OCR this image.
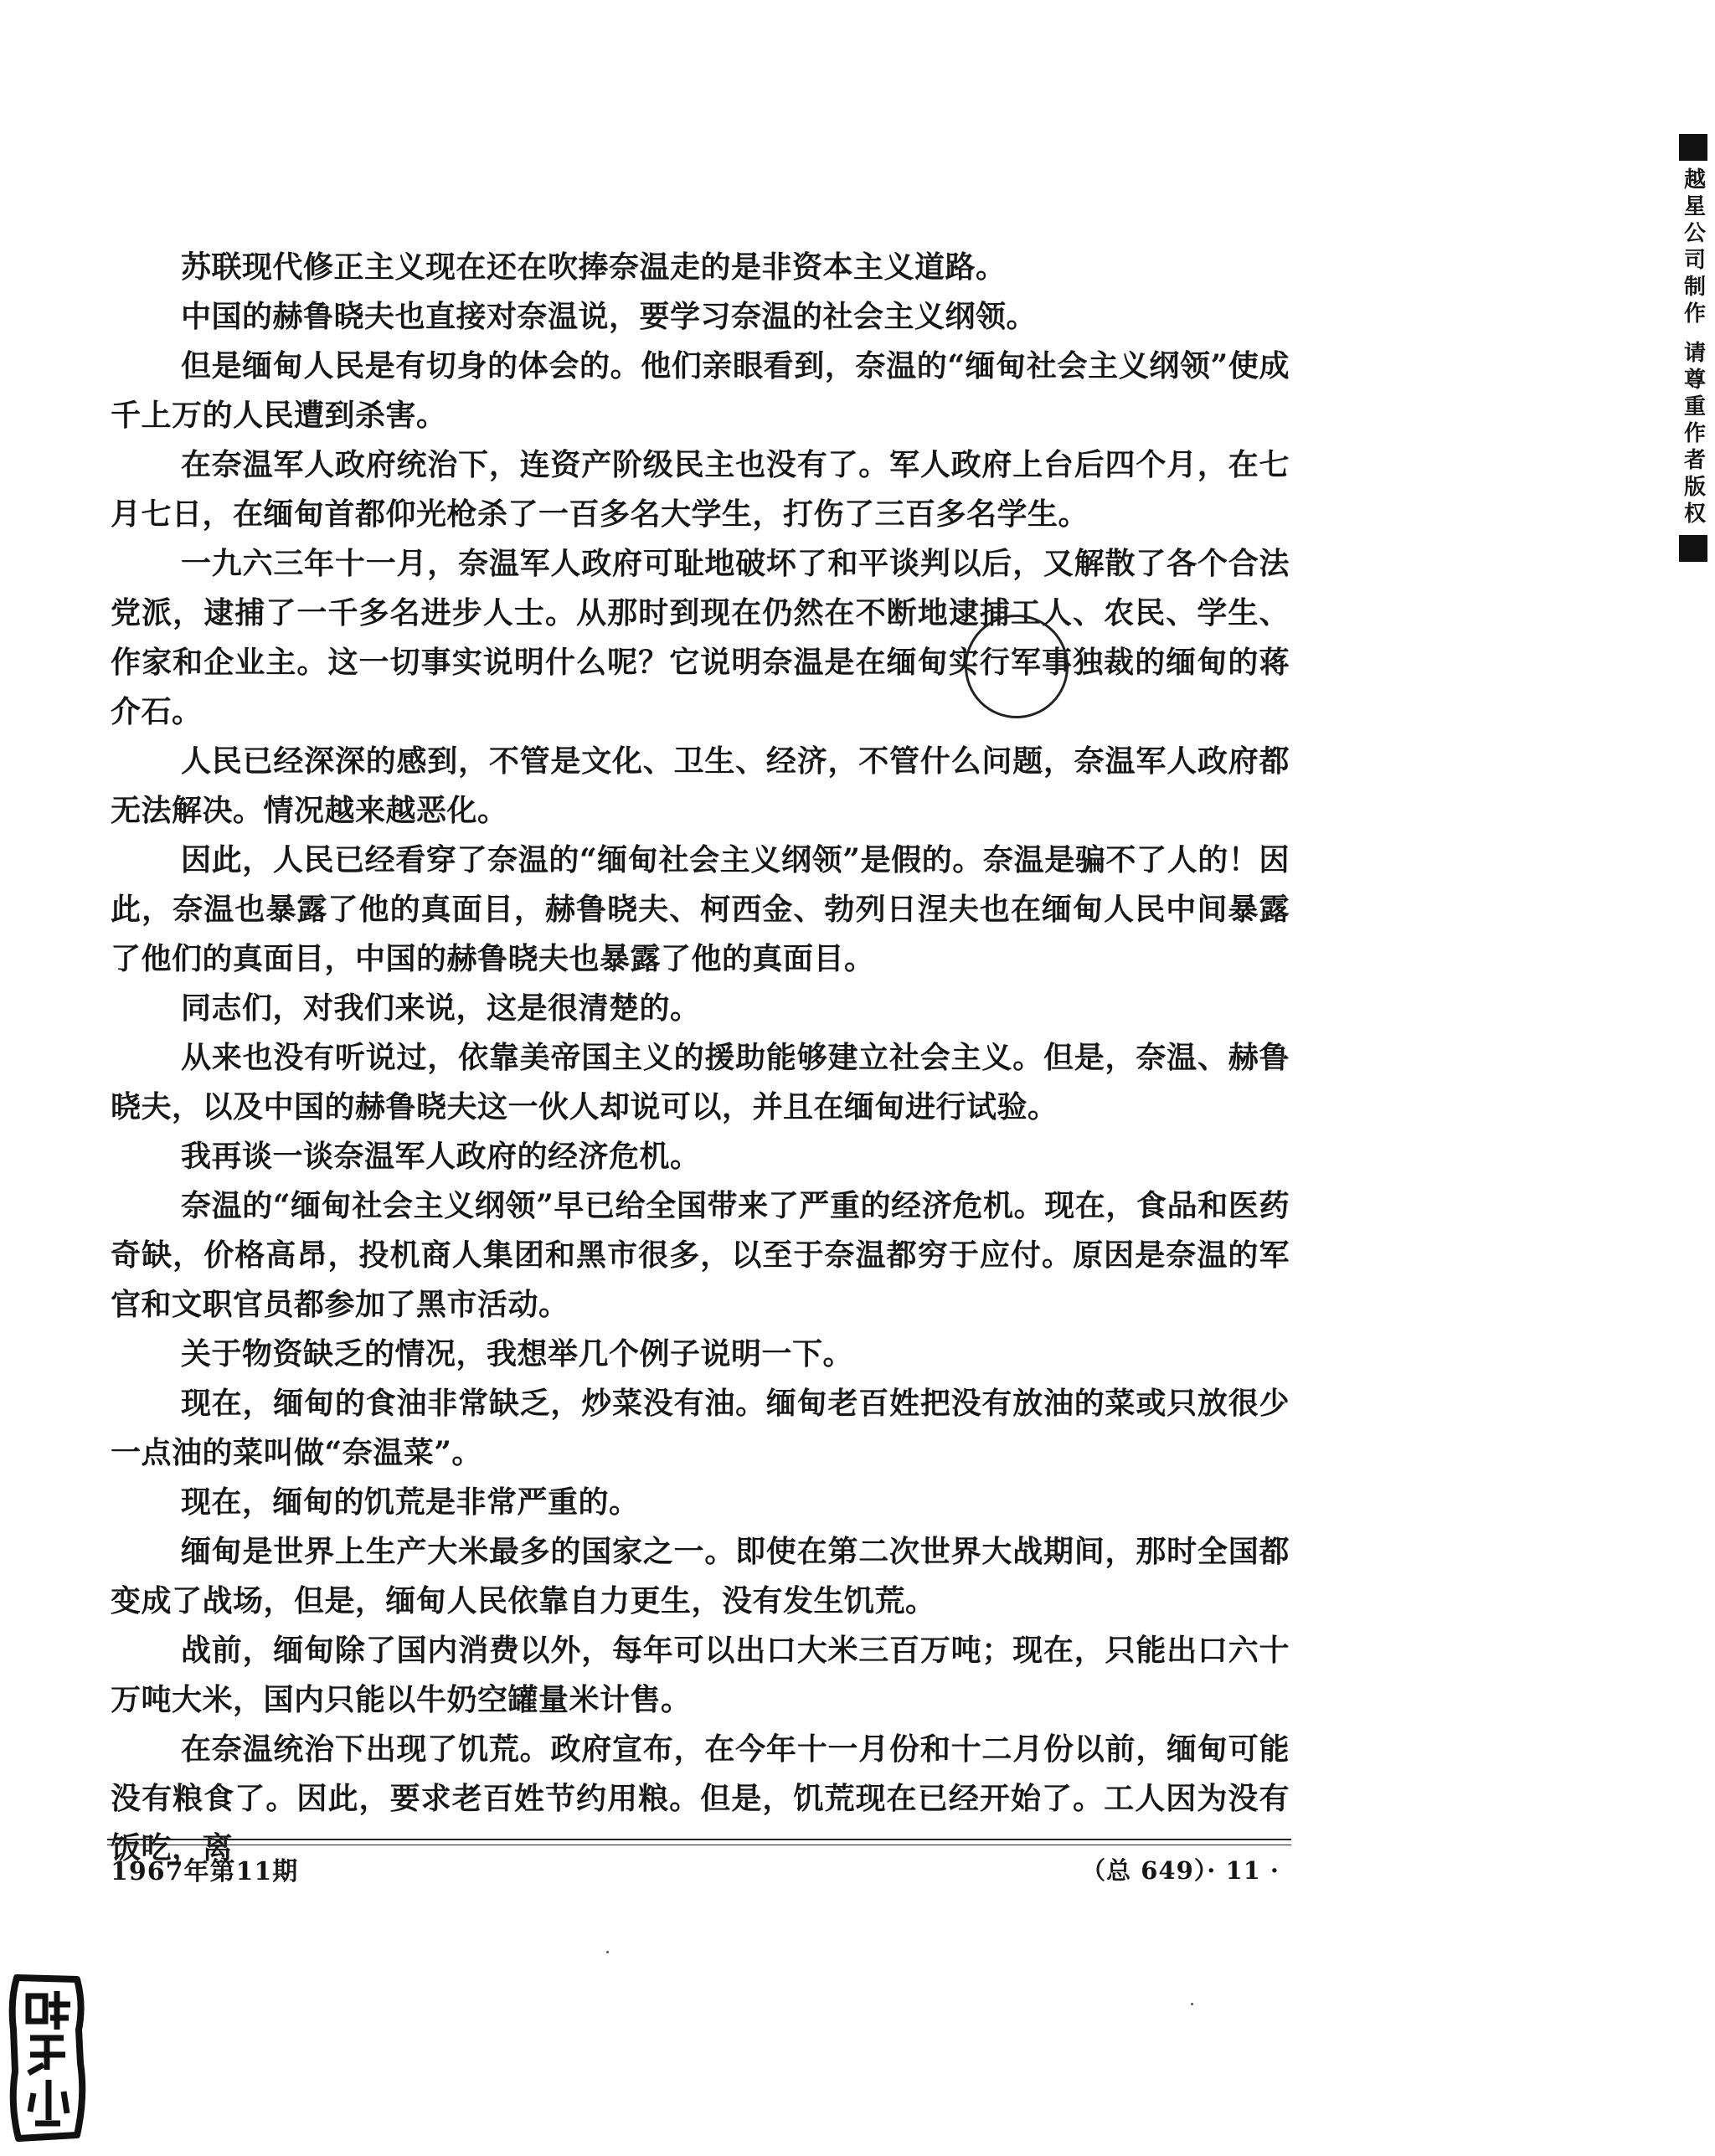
越星公司制作 请尊重作者版权

苏联现代修正主义现在还在吹捧奈温走的是非资本主义道路。

中国的赫鲁晓夫也直接对奈温说，要学习奈温的社会主义纲领。

但是缅甸人民是有切身的体会的。他们亲眼看到，奈温的“缅甸社会主义纲领”使成千上万的人民遭到杀害。

在奈温军人政府统治下，连资产阶级民主也没有了。军人政府上台后四个月，在七月七日，在缅甸首都仰光枪杀了一百多名大学生，打伤了三百多名学生。

一九六三年十一月，奈温军人政府可耻地破坏了和平谈判以后，又解散了各个合法党派，逮捕了一千多名进步人士。从那时到现在仍然在不断地逮捕工人、农民、学生、作家和企业主。这一切事实说明什么呢？它说明奈温是在缅甸实行军事独裁的缅甸的蒋介石。

人民已经深深的感到，不管是文化、卫生、经济，不管什么问题，奈温军人政府都无法解决。情况越来越恶化。

因此，人民已经看穿了奈温的“缅甸社会主义纲领”是假的。奈温是骗不了人的！因此，奈温也暴露了他的真面目，赫鲁晓夫、柯西金、勃列日涅夫也在缅甸人民中间暴露了他们的真面目，中国的赫鲁晓夫也暴露了他的真面目。

同志们，对我们来说，这是很清楚的。

从来也没有听说过，依靠美帝国主义的援助能够建立社会主义。但是，奈温、赫鲁晓夫，以及中国的赫鲁晓夫这一伙人却说可以，并且在缅甸进行试验。

我再谈一谈奈温军人政府的经济危机。

奈温的“缅甸社会主义纲领”早已给全国带来了严重的经济危机。现在，食品和医药奇缺，价格高昂，投机商人集团和黑市很多，以至于奈温都穷于应付。原因是奈温的军官和文职官员都参加了黑市活动。

关于物资缺乏的情况，我想举几个例子说明一下。

现在，缅甸的食油非常缺乏，炒菜没有油。缅甸老百姓把没有放油的菜或只放很少一点油的菜叫做“奈温菜”。

现在，缅甸的饥荒是非常严重的。

缅甸是世界上生产大米最多的国家之一。即使在第二次世界大战期间，那时全国都变成了战场，但是，缅甸人民依靠自力更生，没有发生饥荒。

战前，缅甸除了国内消费以外，每年可以出口大米三百万吨；现在，只能出口六十万吨大米，国内只能以牛奶空罐量米计售。

在奈温统治下出现了饥荒。政府宣布，在今年十一月份和十二月份以前，缅甸可能没有粮食了。因此，要求老百姓节约用粮。但是，饥荒现在已经开始了。工人因为没有饭吃，离

1967年第11期	（总 649）· 11 ·
